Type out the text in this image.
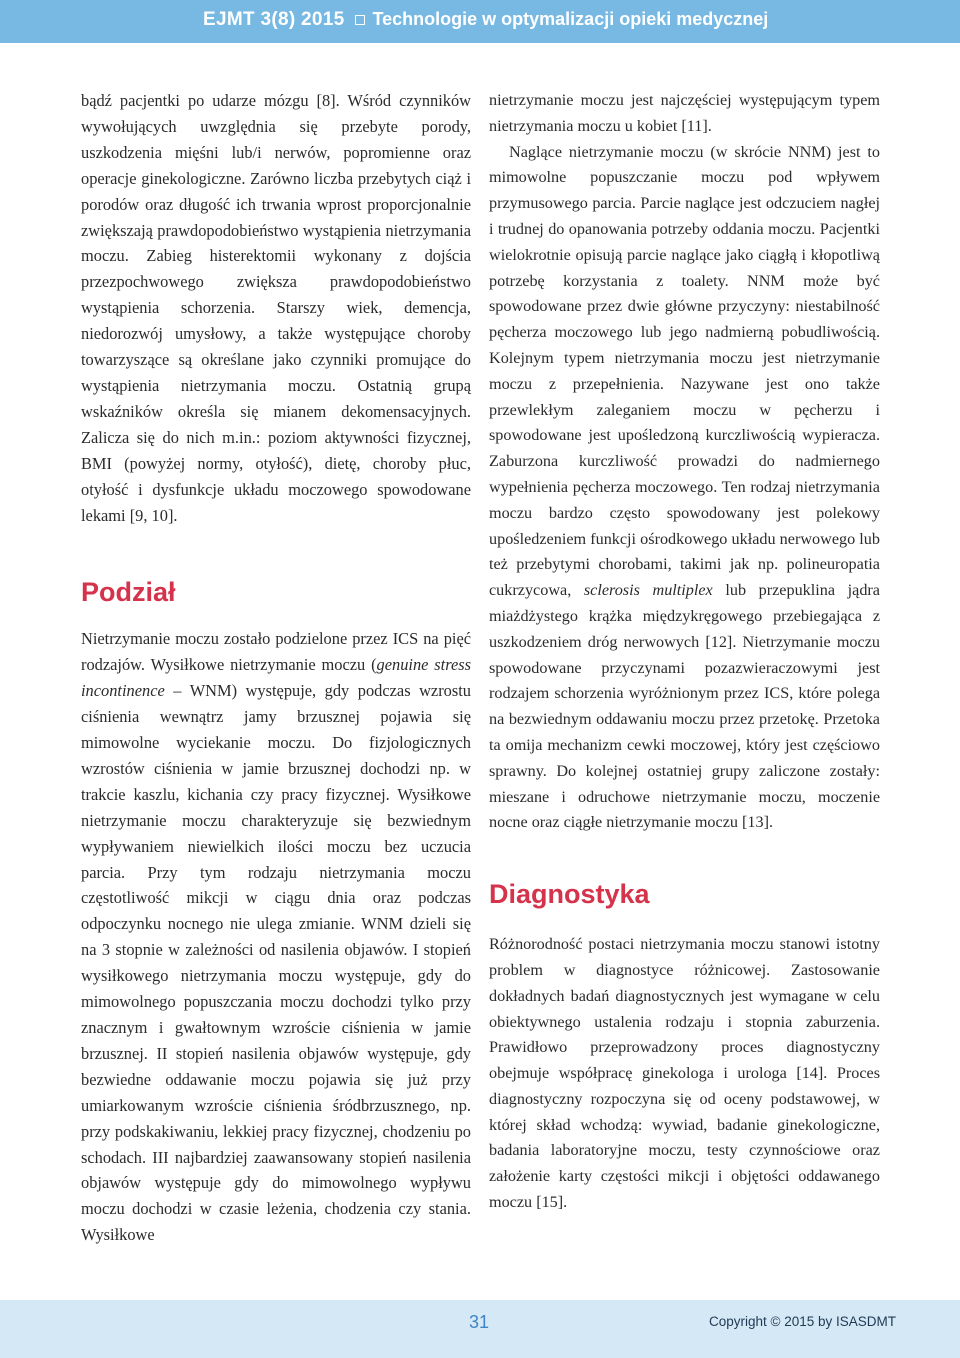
EJMT 3(8) 2015 Technologie w optymalizacji opieki medycznej

bądź pacjentki po udarze mózgu [8]. Wśród czynników wywołujących uwzględnia się przebyte porody, uszkodzenia mięśni lub/i nerwów, popromienne oraz operacje ginekologiczne. Zarówno liczba przebytych ciąż i porodów oraz długość ich trwania wprost proporcjonalnie zwiększają prawdopodobieństwo wystąpienia nietrzymania moczu. Zabieg histerektomii wykonany z dojścia przezpochwowego zwiększa prawdopodobieństwo wystąpienia schorzenia. Starszy wiek, demencja, niedorozwój umysłowy, a także występujące choroby towarzyszące są określane jako czynniki promujące do wystąpienia nietrzymania moczu. Ostatnią grupą wskaźników określa się mianem dekomensacyjnych. Zalicza się do nich m.in.: poziom aktywności fizycznej, BMI (powyżej normy, otyłość), dietę, choroby płuc, otyłość i dysfunkcje układu moczowego spowodowane lekami [9, 10].

Podział

Nietrzymanie moczu zostało podzielone przez ICS na pięć rodzajów. Wysiłkowe nietrzymanie moczu (genuine stress incontinence – WNM) występuje, gdy podczas wzrostu ciśnienia wewnątrz jamy brzusznej pojawia się mimowolne wyciekanie moczu. Do fizjologicznych wzrostów ciśnienia w jamie brzusznej dochodzi np. w trakcie kaszlu, kichania czy pracy fizycznej. Wysiłkowe nietrzymanie moczu charakteryzuje się bezwiednym wypływaniem niewielkich ilości moczu bez uczucia parcia. Przy tym rodzaju nietrzymania moczu częstotliwość mikcji w ciągu dnia oraz podczas odpoczynku nocnego nie ulega zmianie. WNM dzieli się na 3 stopnie w zależności od nasilenia objawów. I stopień wysiłkowego nietrzymania moczu występuje, gdy do mimowolnego popuszczania moczu dochodzi tylko przy znacznym i gwałtownym wzroście ciśnienia w jamie brzusznej. II stopień nasilenia objawów występuje, gdy bezwiedne oddawanie moczu pojawia się już przy umiarkowanym wzroście ciśnienia śródbrzusznego, np. przy podskakiwaniu, lekkiej pracy fizycznej, chodzeniu po schodach. III najbardziej zaawansowany stopień nasilenia objawów występuje gdy do mimowolnego wypływu moczu dochodzi w czasie leżenia, chodzenia czy stania. Wysiłkowe

nietrzymanie moczu jest najczęściej występującym typem nietrzymania moczu u kobiet [11].

Naglące nietrzymanie moczu (w skrócie NNM) jest to mimowolne popuszczanie moczu pod wpływem przymusowego parcia. Parcie naglące jest odczuciem nagłej i trudnej do opanowania potrzeby oddania moczu. Pacjentki wielokrotnie opisują parcie naglące jako ciągłą i kłopotliwą potrzebę korzystania z toalety. NNM może być spowodowane przez dwie główne przyczyny: niestabilność pęcherza moczowego lub jego nadmierną pobudliwością. Kolejnym typem nietrzymania moczu jest nietrzymanie moczu z przepełnienia. Nazywane jest ono także przewlekłym zaleganiem moczu w pęcherzu i spowodowane jest upośledzoną kurczliwością wypieracza. Zaburzona kurczliwość prowadzi do nadmiernego wypełnienia pęcherza moczowego. Ten rodzaj nietrzymania moczu bardzo często spowodowany jest polekowy upośledzeniem funkcji ośrodkowego układu nerwowego lub też przebytymi chorobami, takimi jak np. polineuropatia cukrzycowa, sclerosis multiplex lub przepuklina jądra miażdżystego krążka międzykręgowego przebiegająca z uszkodzeniem dróg nerwowych [12]. Nietrzymanie moczu spowodowane przyczynami pozazwieraczowymi jest rodzajem schorzenia wyróżnionym przez ICS, które polega na bezwiednym oddawaniu moczu przez przetokę. Przetoka ta omija mechanizm cewki moczowej, który jest częściowo sprawny. Do kolejnej ostatniej grupy zaliczone zostały: mieszane i odruchowe nietrzymanie moczu, moczenie nocne oraz ciągłe nietrzymanie moczu [13].

Diagnostyka

Różnorodność postaci nietrzymania moczu stanowi istotny problem w diagnostyce różnicowej. Zastosowanie dokładnych badań diagnostycznych jest wymagane w celu obiektywnego ustalenia rodzaju i stopnia zaburzenia. Prawidłowo przeprowadzony proces diagnostyczny obejmuje współpracę ginekologa i urologa [14]. Proces diagnostyczny rozpoczyna się od oceny podstawowej, w której skład wchodzą: wywiad, badanie ginekologiczne, badania laboratoryjne moczu, testy czynnościowe oraz założenie karty częstości mikcji i objętości oddawanego moczu [15].

31	Copyright © 2015 by ISASDMT
